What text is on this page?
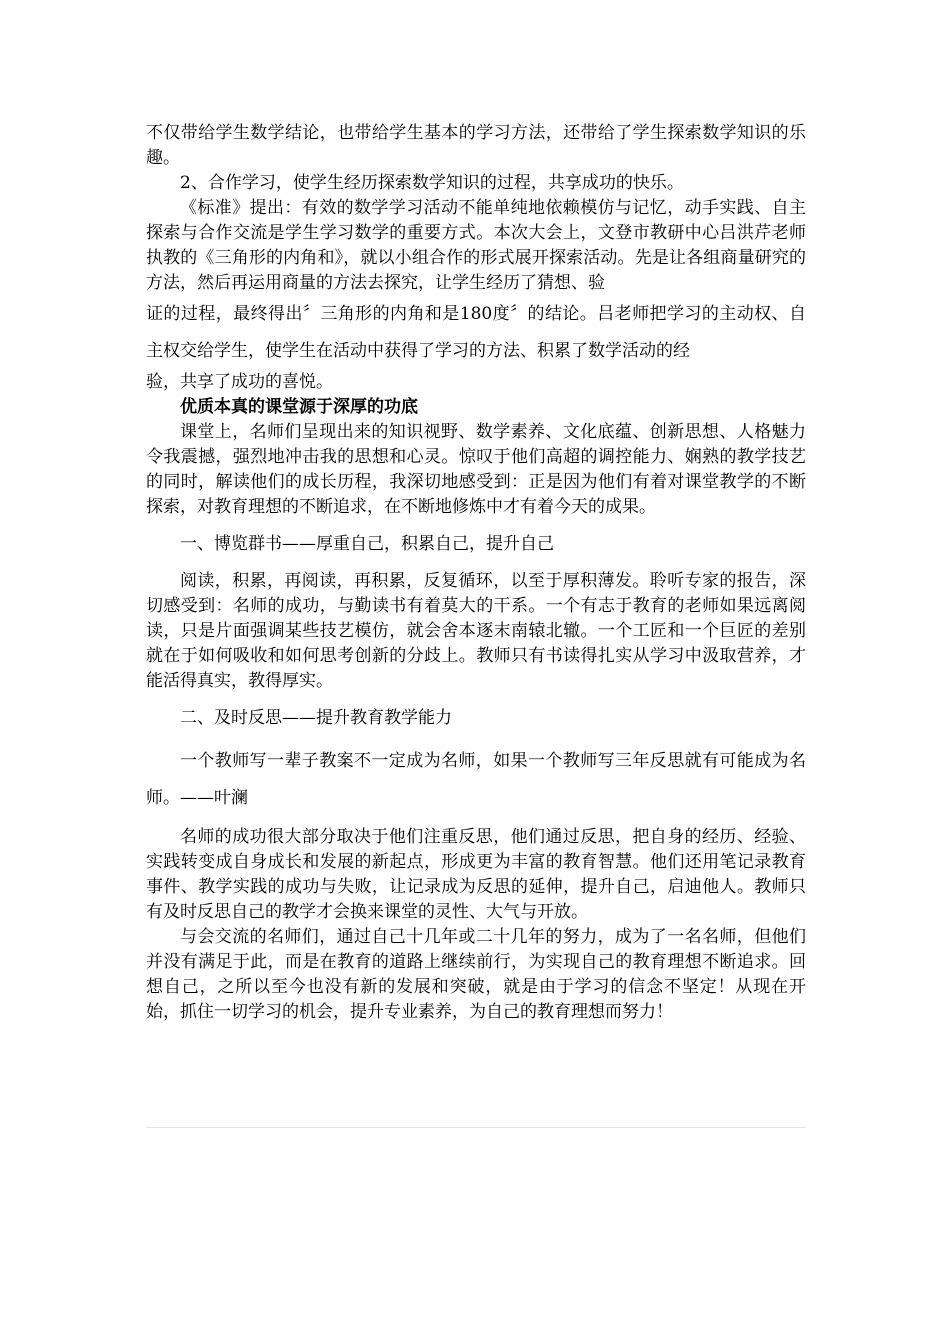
不仅带给学生数学结论，也带给学生基本的学习方法，还带给了学生探索数学知识的乐趣。

2、合作学习，使学生经历探索数学知识的过程，共享成功的快乐。

《标准》提出：有效的数学学习活动不能单纯地依赖模仿与记忆，动手实践、自主探索与合作交流是学生学习数学的重要方式。本次大会上，文登市教研中心吕洪芹老师执教的《三角形的内角和》，就以小组合作的形式展开探索活动。先是让各组商量研究的方法，然后再运用商量的方法去探究，让学生经历了猜想、验

证的过程，最终得出〞三角形的内角和是180度〞的结论。吕老师把学习的主动权、自主权交给学生，使学生在活动中获得了学习的方法、积累了数学活动的经

验，共享了成功的喜悦。

优质本真的课堂源于深厚的功底

课堂上，名师们呈现出来的知识视野、数学素养、文化底蕴、创新思想、人格魅力令我震撼，强烈地冲击我的思想和心灵。惊叹于他们高超的调控能力、娴熟的教学技艺的同时，解读他们的成长历程，我深切地感受到：正是因为他们有着对课堂教学的不断探索，对教育理想的不断追求，在不断地修炼中才有着今天的成果。

一、博览群书——厚重自己，积累自己，提升自己

阅读，积累，再阅读，再积累，反复循环，以至于厚积薄发。聆听专家的报告，深切感受到：名师的成功，与勤读书有着莫大的干系。一个有志于教育的老师如果远离阅读，只是片面强调某些技艺模仿，就会舍本逐末南辕北辙。一个工匠和一个巨匠的差别就在于如何吸收和如何思考创新的分歧上。教师只有书读得扎实从学习中汲取营养，才能活得真实，教得厚实。

二、及时反思——提升教育教学能力

一个教师写一辈子教案不一定成为名师，如果一个教师写三年反思就有可能成为名师。——叶澜

名师的成功很大部分取决于他们注重反思，他们通过反思，把自身的经历、经验、实践转变成自身成长和发展的新起点，形成更为丰富的教育智慧。他们还用笔记录教育事件、教学实践的成功与失败，让记录成为反思的延伸，提升自己，启迪他人。教师只有及时反思自己的教学才会换来课堂的灵性、大气与开放。

与会交流的名师们，通过自己十几年或二十几年的努力，成为了一名名师，但他们并没有满足于此，而是在教育的道路上继续前行，为实现自己的教育理想不断追求。回想自己，之所以至今也没有新的发展和突破，就是由于学习的信念不坚定！从现在开始，抓住一切学习的机会，提升专业素养，为自己的教育理想而努力！
